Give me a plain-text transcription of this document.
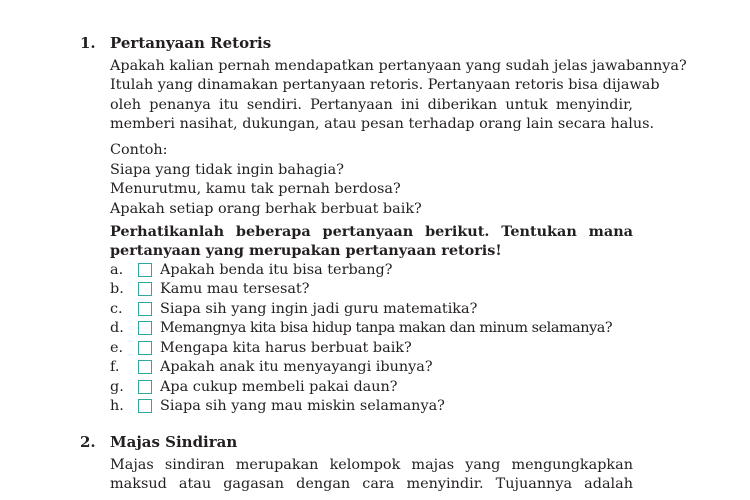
1. Pertanyaan Retoris
Apakah kalian pernah mendapatkan pertanyaan yang sudah jelas jawabannya?
Itulah yang dinamakan pertanyaan retoris. Pertanyaan retoris bisa dijawab
oleh penanya itu sendiri. Pertanyaan ini diberikan untuk menyindir,
memberi nasihat, dukungan, atau pesan terhadap orang lain secara halus.
Contoh:
Siapa yang tidak ingin bahagia?
Menurutmu, kamu tak pernah berdosa?
Apakah setiap orang berhak berbuat baik?
Perhatikanlah beberapa pertanyaan berikut. Tentukan mana
pertanyaan yang merupakan pertanyaan retoris!
a.	Apakah benda itu bisa terbang?
b.	Kamu mau tersesat?
c.	Siapa sih yang ingin jadi guru matematika?
d.	Memangnya kita bisa hidup tanpa makan dan minum selamanya?
e.	Mengapa kita harus berbuat baik?
f.	Apakah anak itu menyayangi ibunya?
g.	Apa cukup membeli pakai daun?
h.	Siapa sih yang mau miskin selamanya?
2. Majas Sindiran
Majas sindiran merupakan kelompok majas yang mengungkapkan
maksud atau gagasan dengan cara menyindir. Tujuannya adalah
